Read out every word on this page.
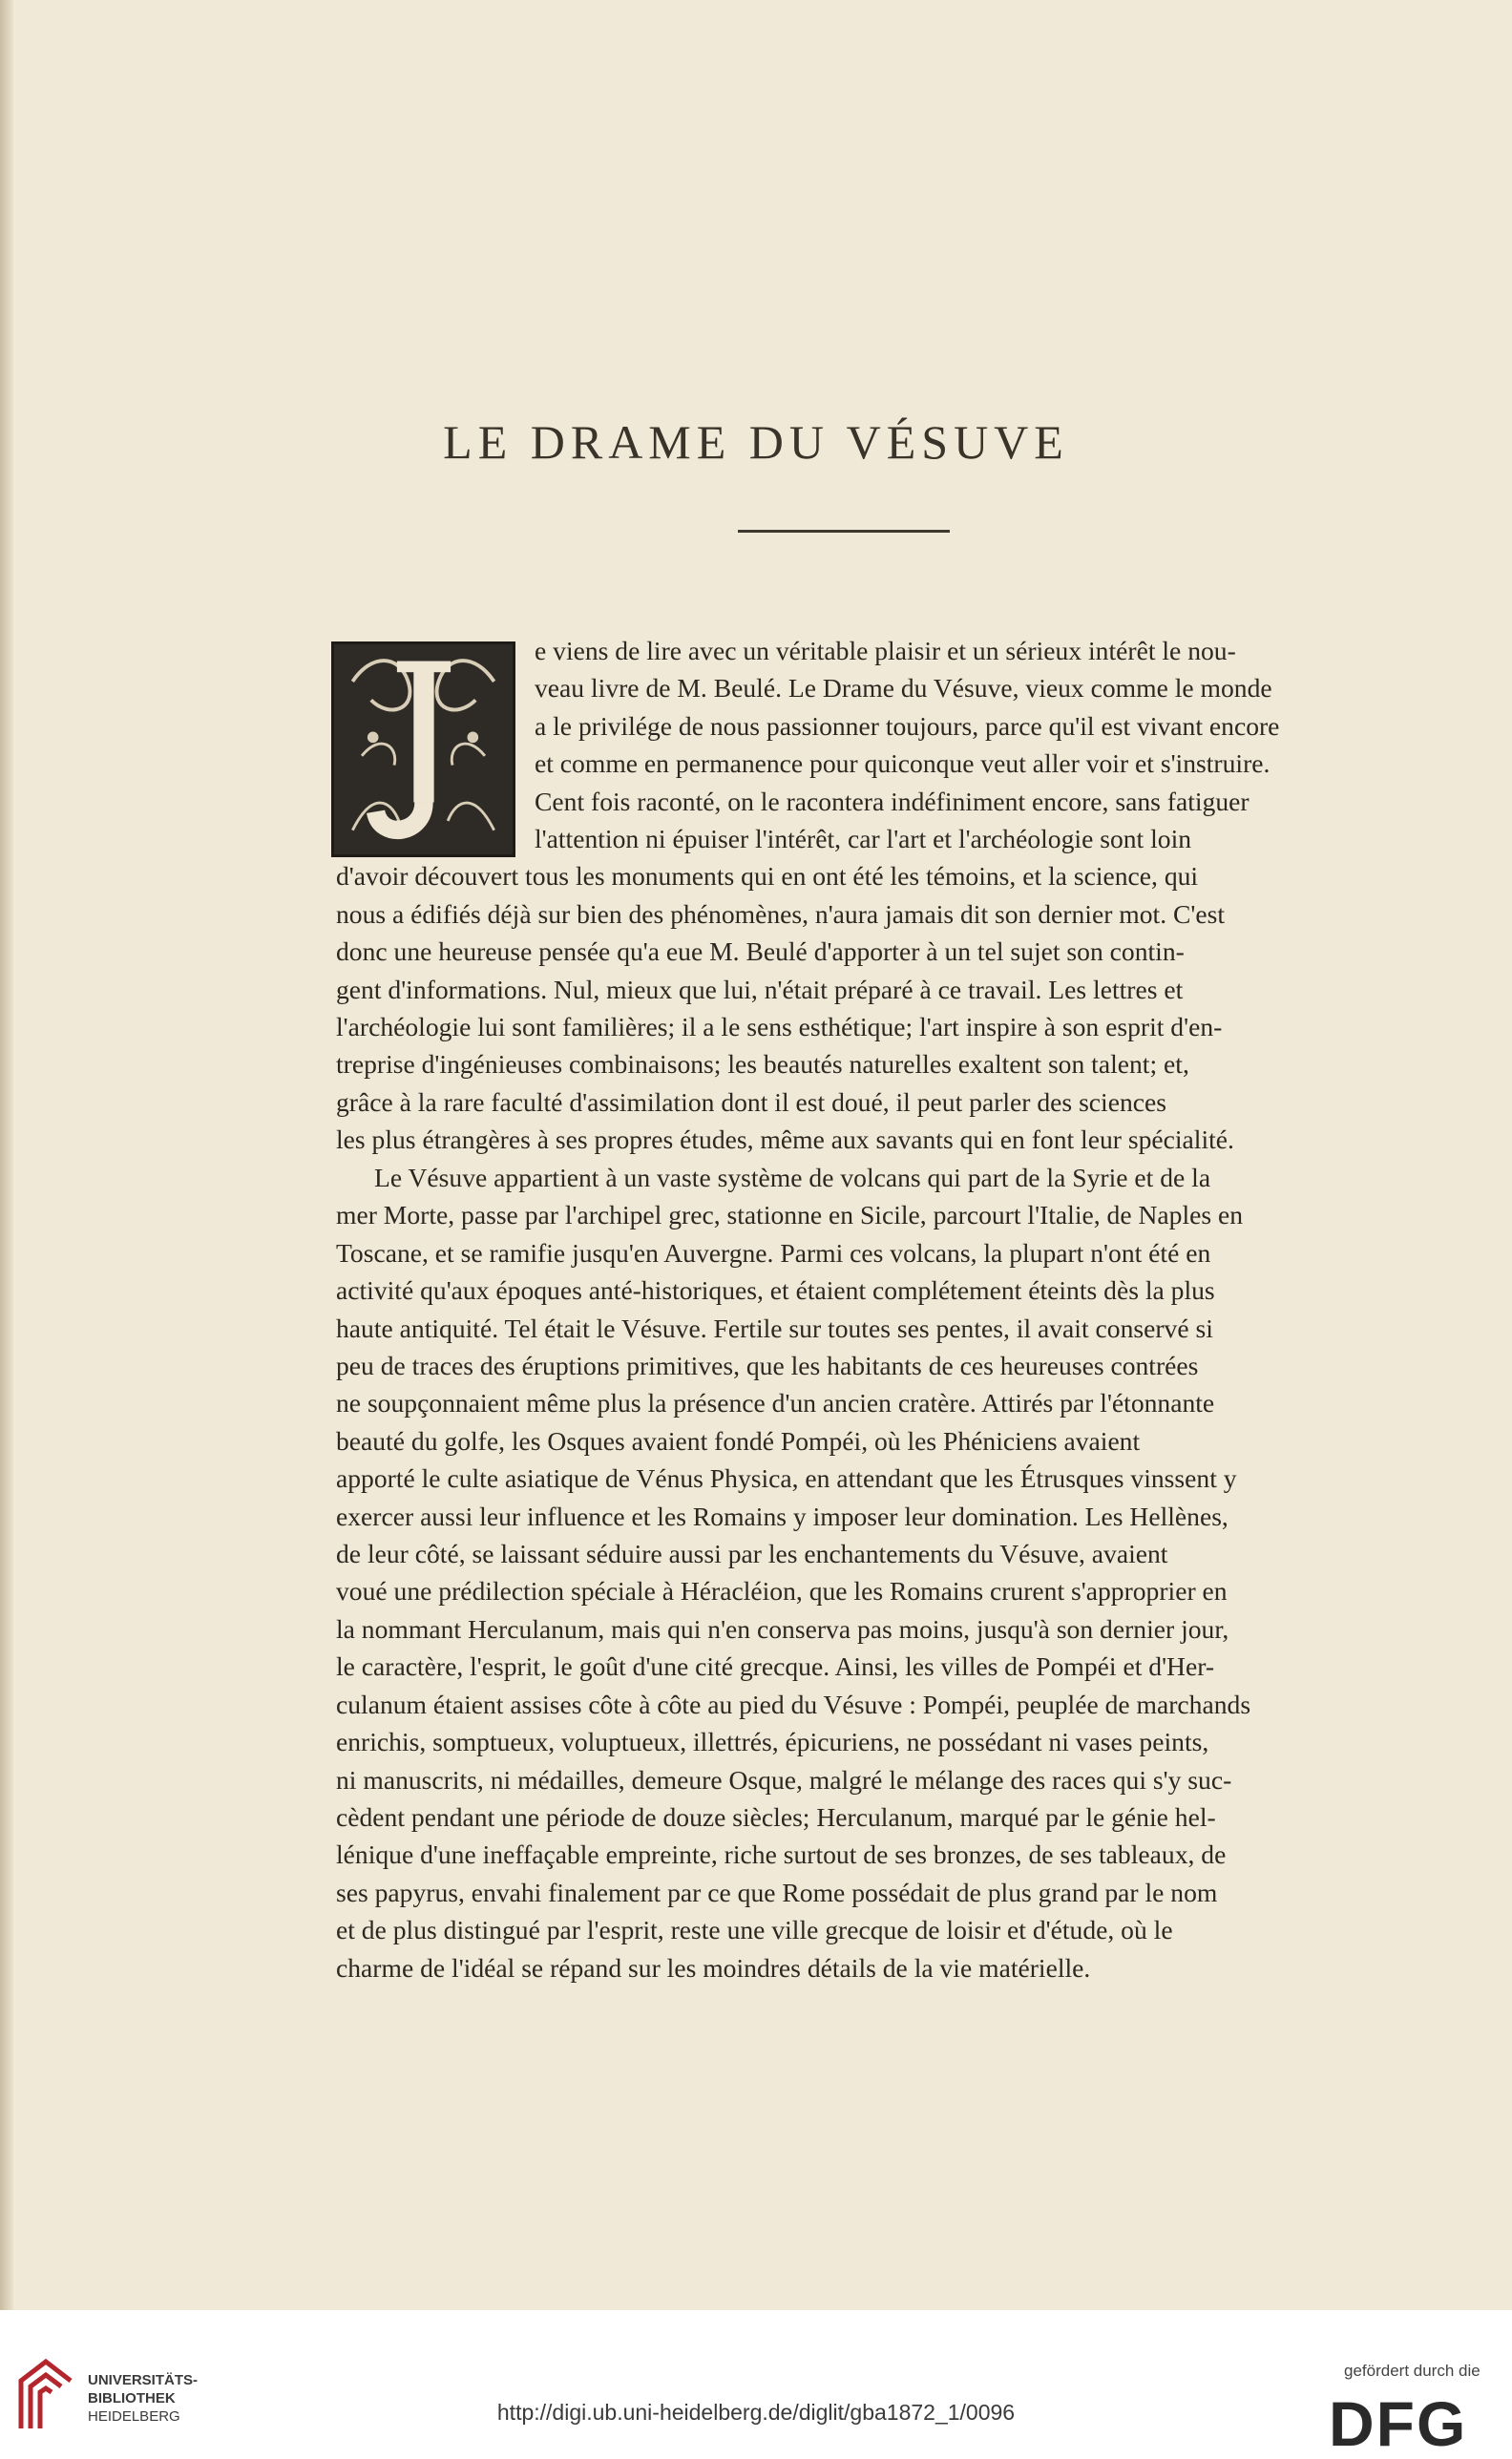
LE DRAME DU VÉSUVE
e viens de lire avec un véritable plaisir et un sérieux intérêt le nou-
veau livre de M. Beulé. Le Drame du Vésuve, vieux comme le monde
a le privilége de nous passionner toujours, parce qu'il est vivant encore
et comme en permanence pour quiconque veut aller voir et s'instruire.
Cent fois raconté, on le racontera indéfiniment encore, sans fatiguer
l'attention ni épuiser l'intérêt, car l'art et l'archéologie sont loin
d'avoir découvert tous les monuments qui en ont été les témoins, et la science, qui
nous a édifiés déjà sur bien des phénomènes, n'aura jamais dit son dernier mot. C'est
donc une heureuse pensée qu'a eue M. Beulé d'apporter à un tel sujet son contin-
gent d'informations. Nul, mieux que lui, n'était préparé à ce travail. Les lettres et
l'archéologie lui sont familières; il a le sens esthétique; l'art inspire à son esprit d'en-
treprise d'ingénieuses combinaisons; les beautés naturelles exaltent son talent; et,
grâce à la rare faculté d'assimilation dont il est doué, il peut parler des sciences
les plus étrangères à ses propres études, même aux savants qui en font leur spécialité.
Le Vésuve appartient à un vaste système de volcans qui part de la Syrie et de la
mer Morte, passe par l'archipel grec, stationne en Sicile, parcourt l'Italie, de Naples en
Toscane, et se ramifie jusqu'en Auvergne. Parmi ces volcans, la plupart n'ont été en
activité qu'aux époques anté-historiques, et étaient complétement éteints dès la plus
haute antiquité. Tel était le Vésuve. Fertile sur toutes ses pentes, il avait conservé si
peu de traces des éruptions primitives, que les habitants de ces heureuses contrées
ne soupçonnaient même plus la présence d'un ancien cratère. Attirés par l'étonnante
beauté du golfe, les Osques avaient fondé Pompéi, où les Phéniciens avaient
apporté le culte asiatique de Vénus Physica, en attendant que les Étrusques vinssent y
exercer aussi leur influence et les Romains y imposer leur domination. Les Hellènes,
de leur côté, se laissant séduire aussi par les enchantements du Vésuve, avaient
voué une prédilection spéciale à Héracléion, que les Romains crurent s'approprier en
la nommant Herculanum, mais qui n'en conserva pas moins, jusqu'à son dernier jour,
le caractère, l'esprit, le goût d'une cité grecque. Ainsi, les villes de Pompéi et d'Her-
culanum étaient assises côte à côte au pied du Vésuve : Pompéi, peuplée de marchands
enrichis, somptueux, voluptueux, illettrés, épicuriens, ne possédant ni vases peints,
ni manuscrits, ni médailles, demeure Osque, malgré le mélange des races qui s'y suc-
cèdent pendant une période de douze siècles; Herculanum, marqué par le génie hel-
lénique d'une ineffaçable empreinte, riche surtout de ses bronzes, de ses tableaux, de
ses papyrus, envahi finalement par ce que Rome possédait de plus grand par le nom
et de plus distingué par l'esprit, reste une ville grecque de loisir et d'étude, où le
charme de l'idéal se répand sur les moindres détails de la vie matérielle.
UNIVERSITÄTS-
BIBLIOTHEK
HEIDELBERG	http://digi.ub.uni-heidelberg.de/diglit/gba1872_1/0096
gefördert durch die
DFG
